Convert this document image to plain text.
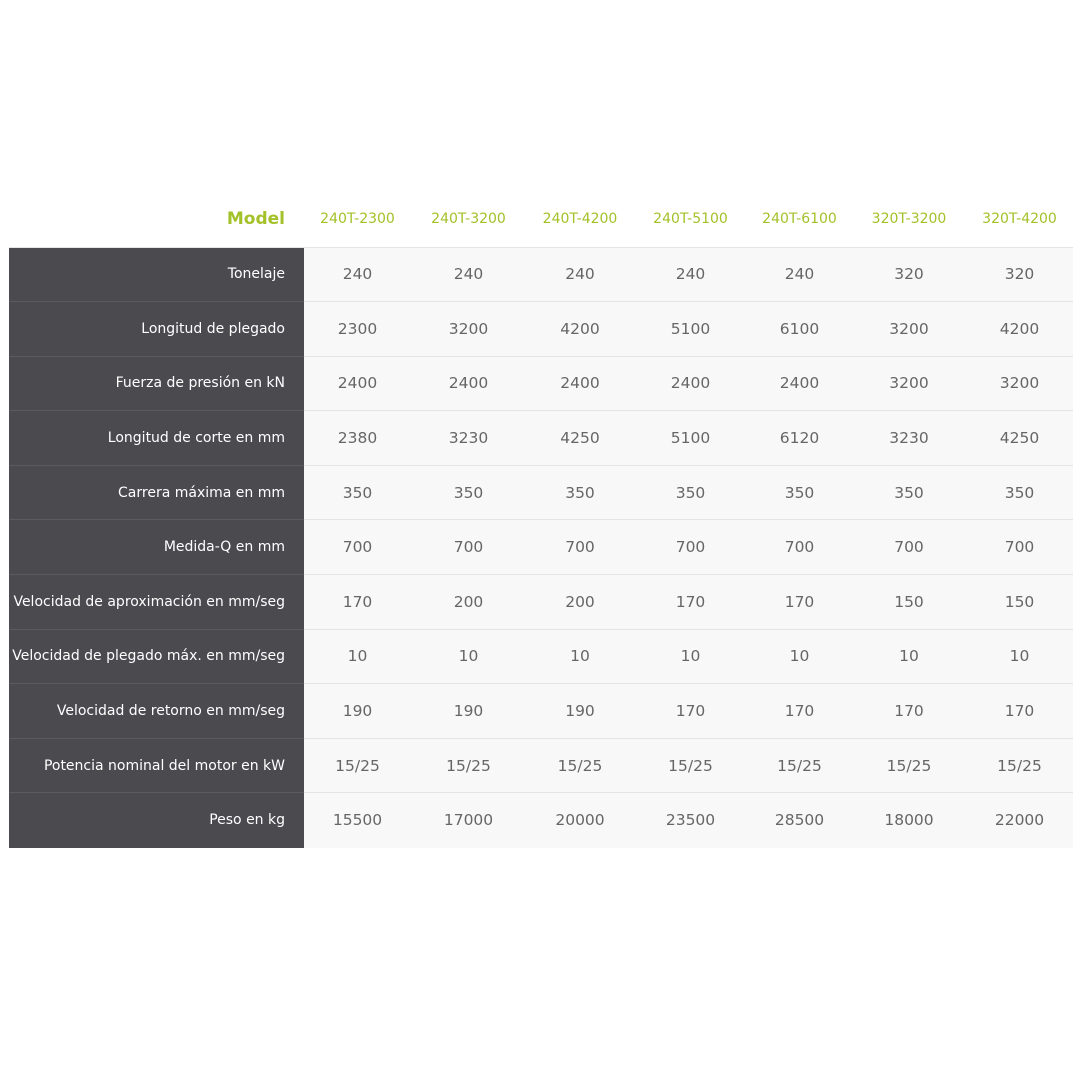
Model	240T-2300	240T-3200	240T-4200	240T-5100	240T-6100	320T-3200	320T-4200
Tonelaje	240	240	240	240	240	320	320
Longitud de plegado	2300	3200	4200	5100	6100	3200	4200
Fuerza de presión en kN	2400	2400	2400	2400	2400	3200	3200
Longitud de corte en mm	2380	3230	4250	5100	6120	3230	4250
Carrera máxima en mm	350	350	350	350	350	350	350
Medida-Q en mm	700	700	700	700	700	700	700
Velocidad de aproximación en mm/seg	170	200	200	170	170	150	150
Velocidad de plegado máx. en mm/seg	10	10	10	10	10	10	10
Velocidad de retorno en mm/seg	190	190	190	170	170	170	170
Potencia nominal del motor en kW	15/25	15/25	15/25	15/25	15/25	15/25	15/25
Peso en kg	15500	17000	20000	23500	28500	18000	22000
